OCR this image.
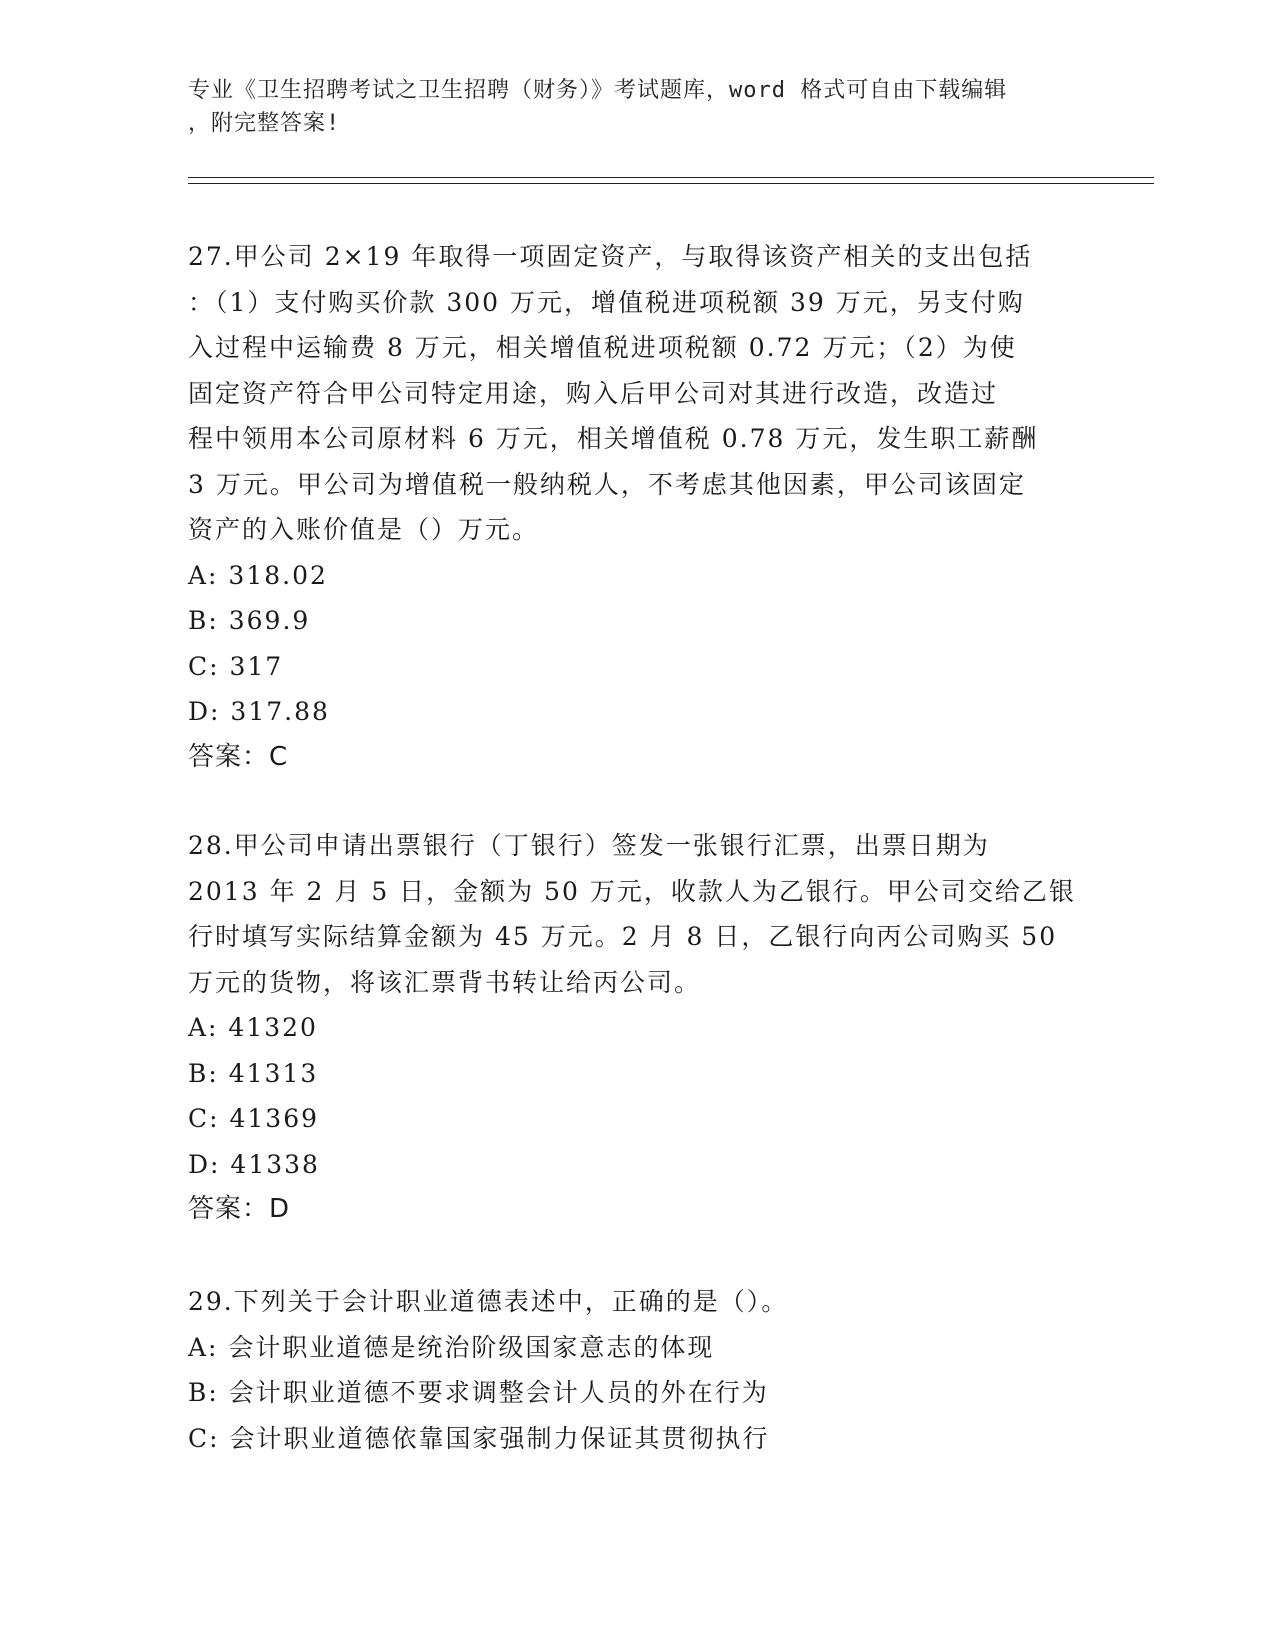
专业《卫生招聘考试之卫生招聘（财务）》考试题库，word 格式可自由下载编辑
，附完整答案!

27.甲公司 2×19 年取得一项固定资产，与取得该资产相关的支出包括

：（1）支付购买价款 300 万元，增值税进项税额 39 万元，另支付购

入过程中运输费 8 万元，相关增值税进项税额 0.72 万元；（2）为使

固定资产符合甲公司特定用途，购入后甲公司对其进行改造，改造过

程中领用本公司原材料 6 万元，相关增值税 0.78 万元，发生职工薪酬

3 万元。甲公司为增值税一般纳税人，不考虑其他因素，甲公司该固定

资产的入账价值是（）万元。

A: 318.02

B: 369.9

C: 317

D: 317.88

答案：C

28.甲公司申请出票银行（丁银行）签发一张银行汇票，出票日期为

2013 年 2 月 5 日，金额为 50 万元，收款人为乙银行。甲公司交给乙银

行时填写实际结算金额为 45 万元。2 月 8 日，乙银行向丙公司购买 50

万元的货物，将该汇票背书转让给丙公司。

A: 41320

B: 41313

C: 41369

D: 41338

答案：D

29.下列关于会计职业道德表述中，正确的是（）。

A: 会计职业道德是统治阶级国家意志的体现

B: 会计职业道德不要求调整会计人员的外在行为

C: 会计职业道德依靠国家强制力保证其贯彻执行
